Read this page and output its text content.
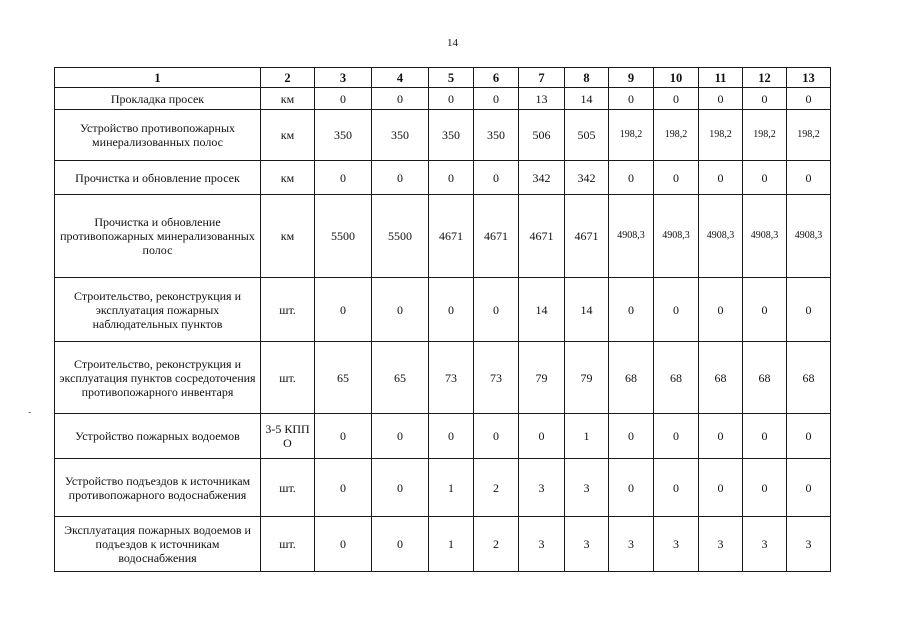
14
-
1	2	3	4	5	6	7	8	9	10	11	12	13
Прокладка просек	км	0	0	0	0	13	14	0	0	0	0	0
Устройство противопожарных минерализованных полос	км	350	350	350	350	506	505	198,2	198,2	198,2	198,2	198,2
Прочистка и обновление просек	км	0	0	0	0	342	342	0	0	0	0	0
Прочистка и обновление противопожарных минерализованных полос	км	5500	5500	4671	4671	4671	4671	4908,3	4908,3	4908,3	4908,3	4908,3
Строительство, реконструкция и эксплуатация пожарных наблюдательных пунктов	шт.	0	0	0	0	14	14	0	0	0	0	0
Строительство, реконструкция и эксплуатация пунктов сосредоточения противопожарного инвентаря	шт.	65	65	73	73	79	79	68	68	68	68	68
Устройство пожарных водоемов	3-5 КПП О	0	0	0	0	0	1	0	0	0	0	0
Устройство подъездов к источникам противопожарного водоснабжения	шт.	0	0	1	2	3	3	0	0	0	0	0
Эксплуатация пожарных водоемов и подъездов к источникам водоснабжения	шт.	0	0	1	2	3	3	3	3	3	3	3
